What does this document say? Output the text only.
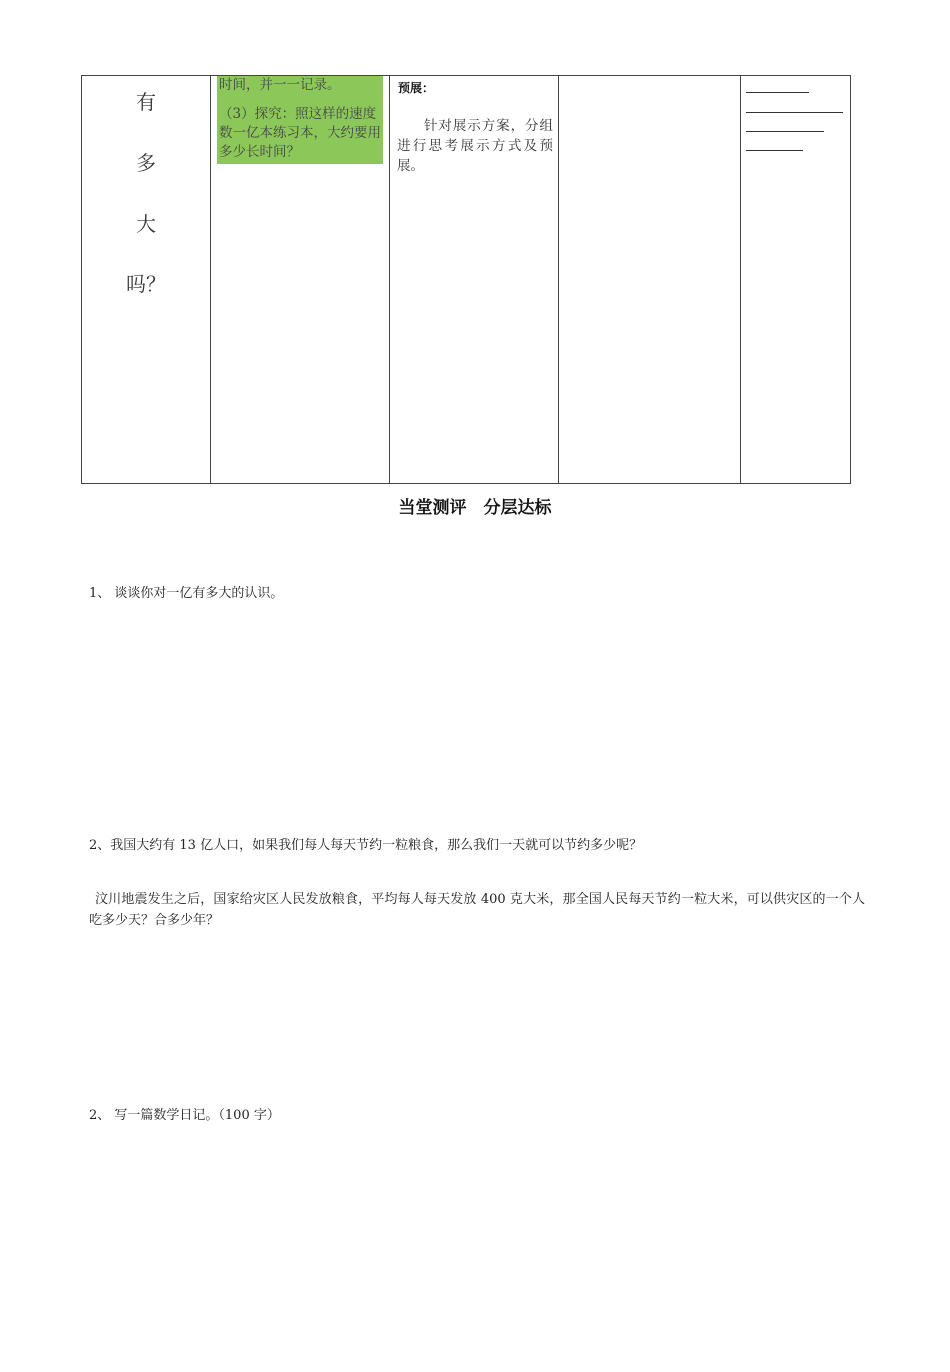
有
多
大
吗？
时间，并一一记录。
（3）探究：照这样的速度数一亿本练习本，大约要用多少长时间？
预展：
针对展示方案，分组进行思考展示方式及预展。
当堂测评　分层达标
1、 谈谈你对一亿有多大的认识。
2、我国大约有 13 亿人口，如果我们每人每天节约一粒粮食，那么我们一天就可以节约多少呢？
汶川地震发生之后，国家给灾区人民发放粮食，平均每人每天发放 400 克大米，那全国人民每天节约一粒大米，可以供灾区的一个人吃多少天？合多少年？
2、 写一篇数学日记。（100 字）
